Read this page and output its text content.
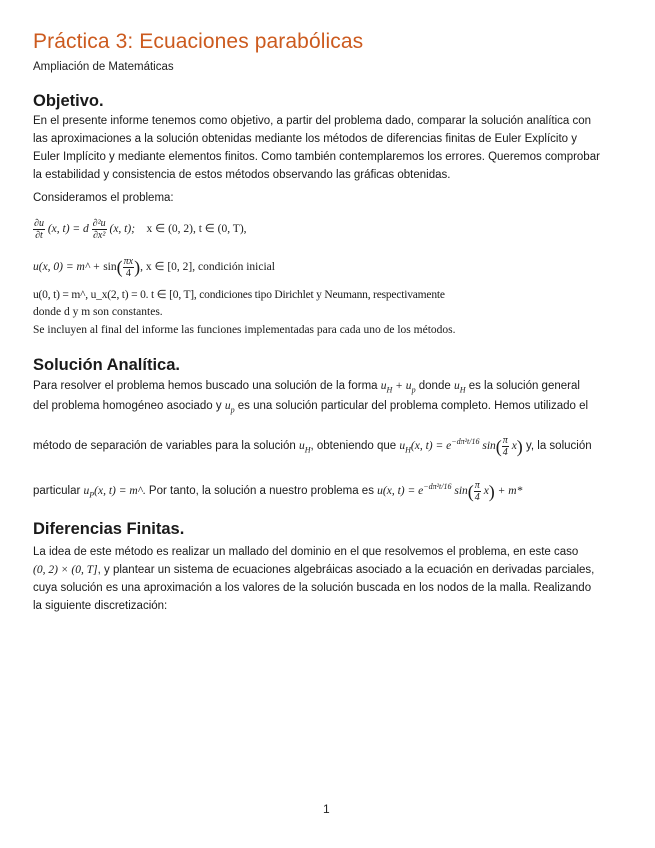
Práctica 3: Ecuaciones parabólicas
Ampliación de Matemáticas
Objetivo.
En el presente informe tenemos como objetivo, a partir del problema dado, comparar la solución analítica con
las aproximaciones a la solución obtenidas mediante los métodos de diferencias finitas de Euler Explícito y
Euler Implícito y mediante elementos finitos. Como también contemplaremos los errores. Queremos comprobar
la estabilidad y consistencia de estos métodos observando las gráficas obtenidas.
Consideramos el problema:
$\frac{\partial u}{\partial t} (x$, t) = d $\frac{\text{∂²u}}{\text{∂x²}} (x$, t); x ∈ (0, 2), t ∈ (0, T),
u(x, 0) = m^ + $\sin( \frac{\pi x}{4}$ ), x ∈ [0, 2], condición inicial
u(0, t) = m^, u_x(2, t) = 0. t ∈ [0, T], condiciones tipo Dirichlet y Neumann, respectivamente
donde d y m son constantes.
Se incluyen al final del informe las funciones implementadas para cada uno de los métodos.
Solución Analítica.
Para resolver el problema hemos buscado una solución de la forma $u_H + u_p$ donde $u_H$ es la solución general
del problema homogéneo asociado y $u_p$ es una solución particular del problema completo. Hemos utilizado el
método de separación de variables para la solución $u_H$, obteniendo que $u_H(x$, $t) = e^{-d\pi^2t/16}$ $\sin( \frac{\pi}{4} x)$ y, la solución
particular $u_P(x$, t) = m^. Por tanto, la solución a nuestro problema es u(x, $t) = e^{-d\pi^2t/16}$ $\sin( \frac{\pi}{4} x) + m*$
Diferencias Finitas.
La idea de este método es realizar un mallado del dominio en el que resolvemos el problema, en este caso
(0, 2) × (0, T], y plantear un sistema de ecuaciones algebráicas asociado a la ecuación en derivadas parciales,
cuya solución es una aproximación a los valores de la solución buscada en los nodos de la malla. Realizando
la siguiente discretización:
1
